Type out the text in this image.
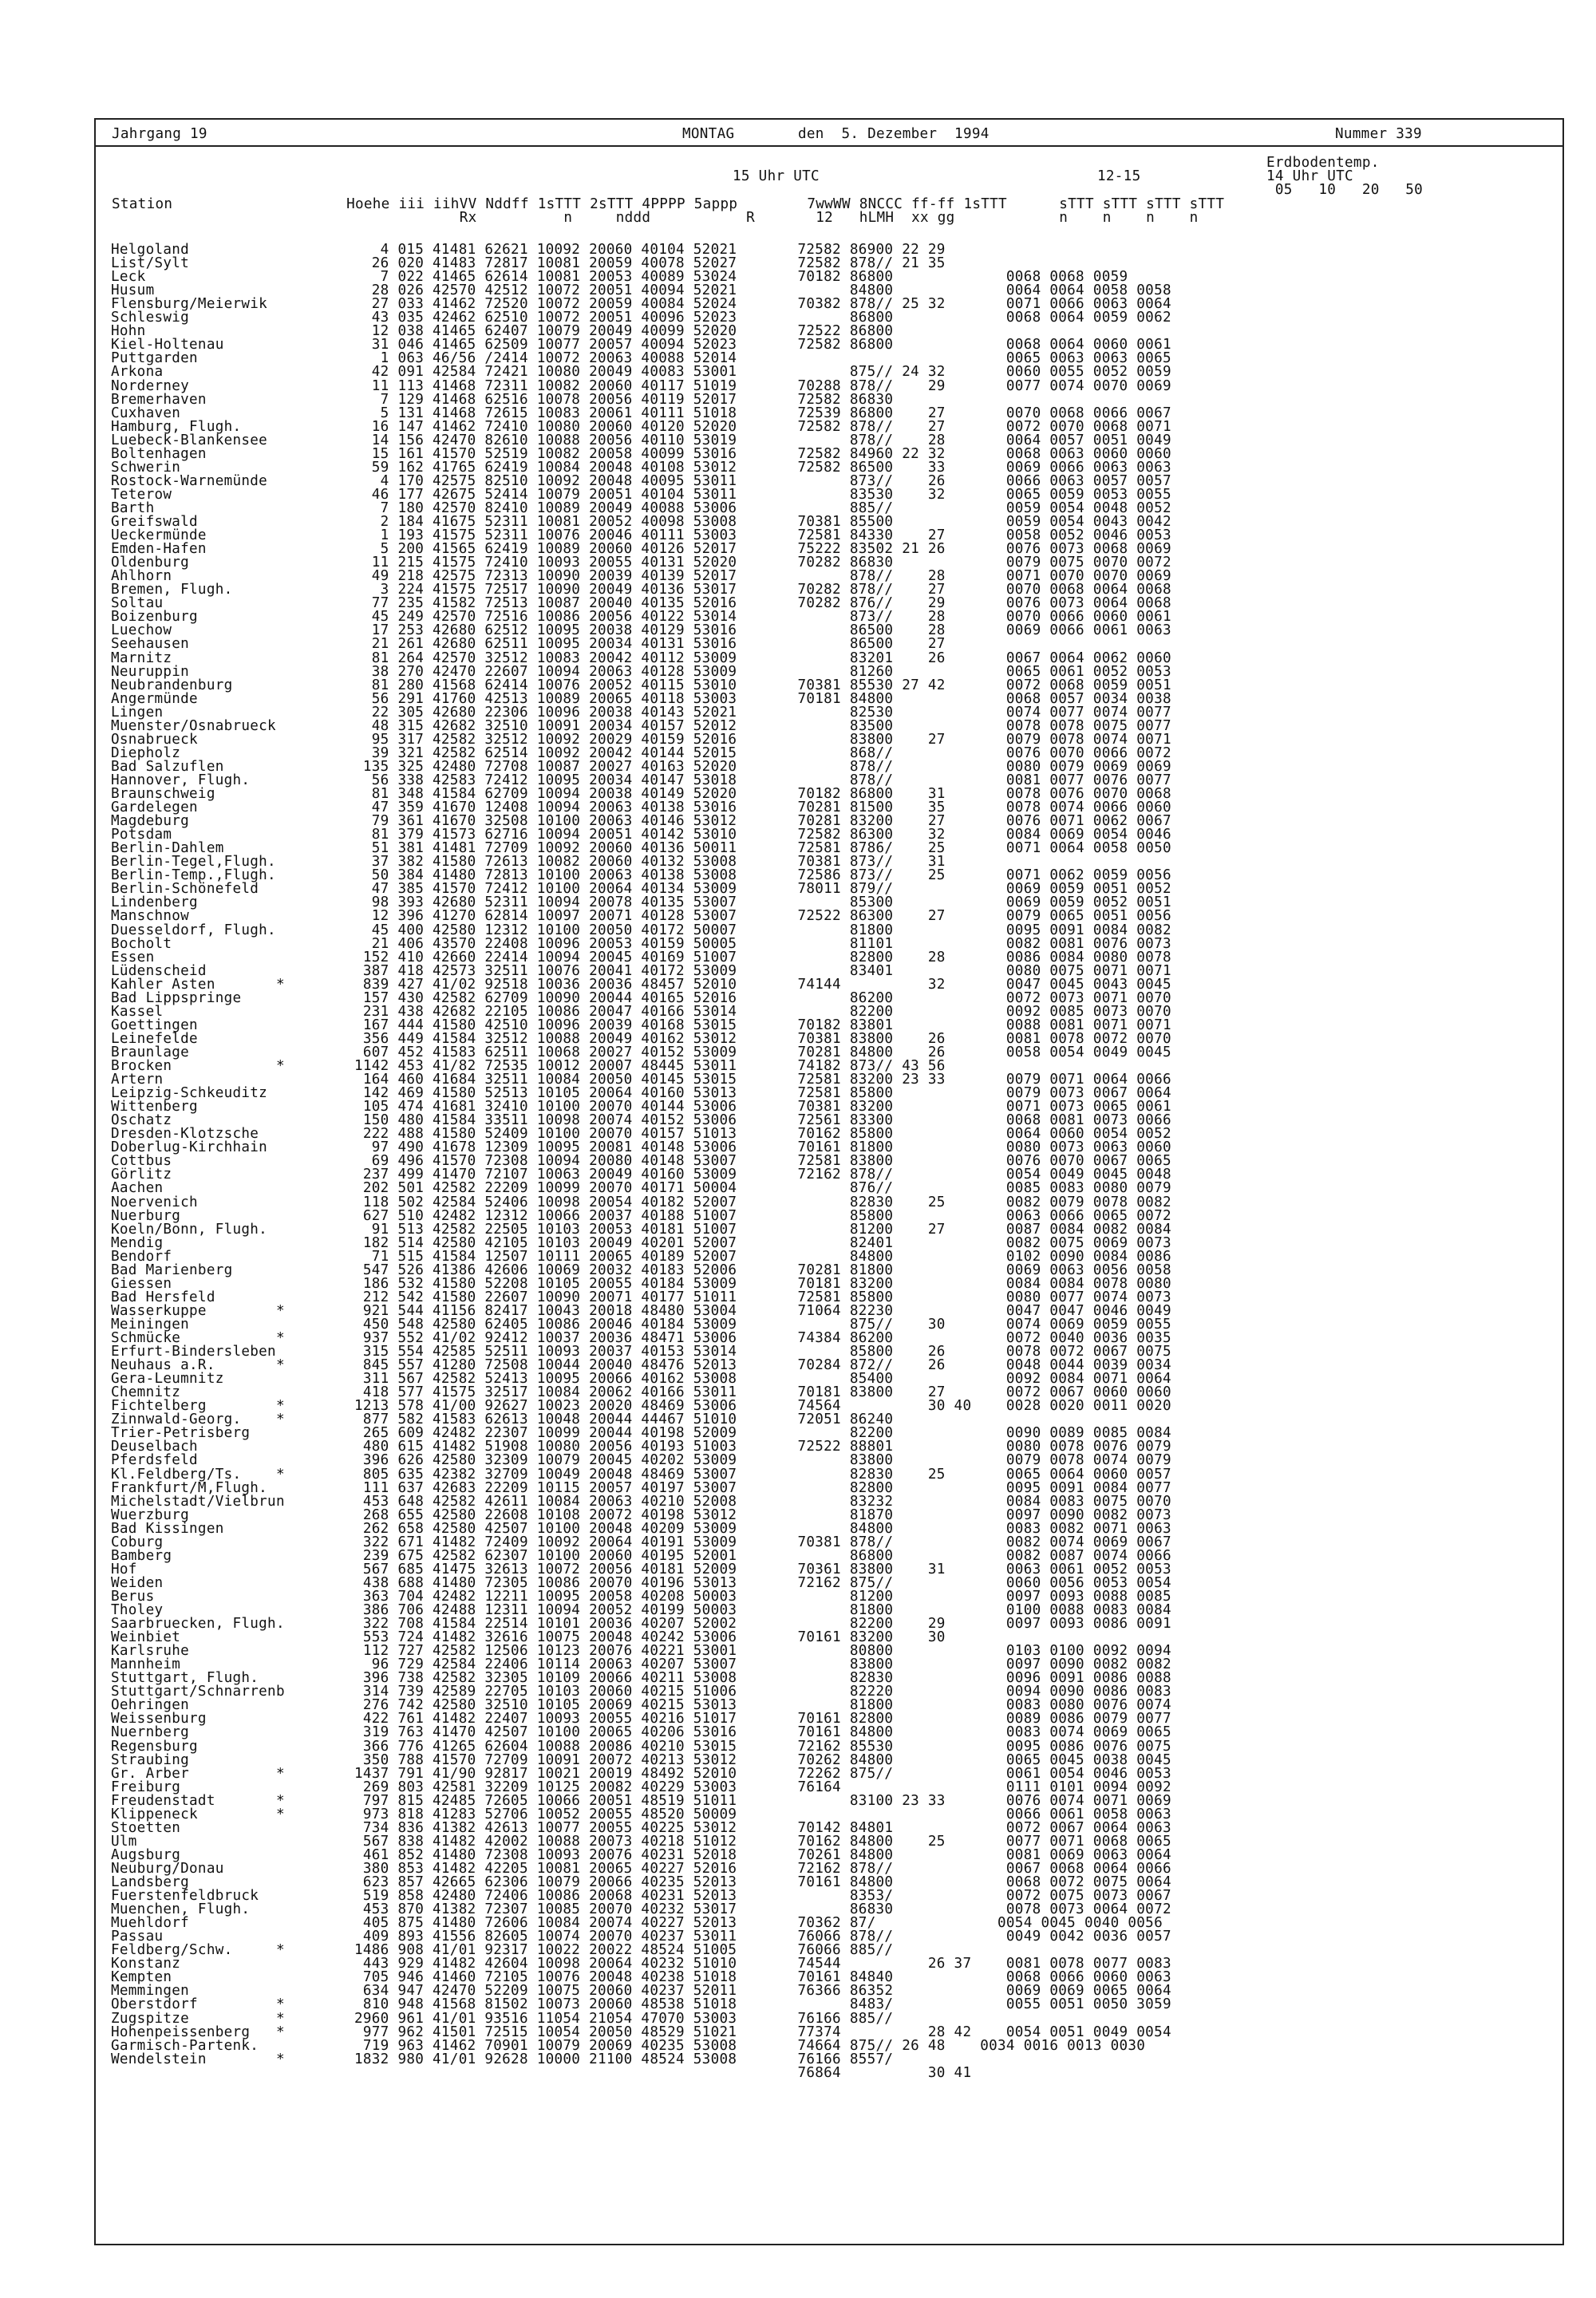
Jahrgang 19	MONTAG	den  5. Dezember  1994	Nummer 339
Erdbodentemp.
14 Uhr UTC
15 Uhr UTC	12-15
05   10   20   50
Station                    Hoehe iii iihVV Nddff 1sTTT 2sTTT 4PPPP 5appp        7wwWW 8NCCC ff-ff 1sTTT      sTTT sTTT sTTT sTTT
Rx          n     nddd           R       12   hLMH  xx gg            n    n    n    n
Helgoland                      4 015 41481 62621 10092 20060 40104 52021       72582 86900 22 29
List/Sylt                     26 020 41483 72817 10081 20059 40078 52027       72582 878// 21 35
Leck                           7 022 41465 62614 10081 20053 40089 53024       70182 86800             0068 0068 0059
Husum                         28 026 42570 42512 10072 20051 40094 52021             84800             0064 0064 0058 0058
Flensburg/Meierwik            27 033 41462 72520 10072 20059 40084 52024       70382 878// 25 32       0071 0066 0063 0064
Schleswig                     43 035 42462 62510 10072 20051 40096 52023             86800             0068 0064 0059 0062
Hohn                          12 038 41465 62407 10079 20049 40099 52020       72522 86800
Kiel-Holtenau                 31 046 41465 62509 10077 20057 40094 52023       72582 86800             0068 0064 0060 0061
Puttgarden                     1 063 46/56 /2414 10072 20063 40088 52014                               0065 0063 0063 0065
Arkona                        42 091 42584 72421 10080 20049 40083 53001             875// 24 32       0060 0055 0052 0059
Norderney                     11 113 41468 72311 10082 20060 40117 51019       70288 878//    29       0077 0074 0070 0069
Bremerhaven                    7 129 41468 62516 10078 20056 40119 52017       72582 86830
Cuxhaven                       5 131 41468 72615 10083 20061 40111 51018       72539 86800    27       0070 0068 0066 0067
Hamburg, Flugh.               16 147 41462 72410 10080 20060 40120 52020       72582 878//    27       0072 0070 0068 0071
Luebeck-Blankensee            14 156 42470 82610 10088 20056 40110 53019             878//    28       0064 0057 0051 0049
Boltenhagen                   15 161 41570 52519 10082 20058 40099 53016       72582 84960 22 32       0068 0063 0060 0060
Schwerin                      59 162 41765 62419 10084 20048 40108 53012       72582 86500    33       0069 0066 0063 0063
Rostock-Warnemünde             4 170 42575 82510 10092 20048 40095 53011             873//    26       0066 0063 0057 0057
Teterow                       46 177 42675 52414 10079 20051 40104 53011             83530    32       0065 0059 0053 0055
Barth                          7 180 42570 82410 10089 20049 40088 53006             885//             0059 0054 0048 0052
Greifswald                     2 184 41675 52311 10081 20052 40098 53008       70381 85500             0059 0054 0043 0042
Ueckermünde                    1 193 41575 52311 10076 20046 40111 53003       72581 84330    27       0058 0052 0046 0053
Emden-Hafen                    5 200 41565 62419 10089 20060 40126 52017       75222 83502 21 26       0076 0073 0068 0069
Oldenburg                     11 215 41575 72410 10093 20055 40131 52020       70282 86830             0079 0075 0070 0072
Ahlhorn                       49 218 42575 72313 10090 20039 40139 52017             878//    28       0071 0070 0070 0069
Bremen, Flugh.                 3 224 41575 72517 10090 20049 40136 53017       70282 878//    27       0070 0068 0064 0068
Soltau                        77 235 41582 72513 10087 20040 40135 52016       70282 876//    29       0076 0073 0064 0068
Boizenburg                    45 249 42570 72516 10086 20056 40122 53014             873//    28       0070 0066 0060 0061
Luechow                       17 253 42680 62512 10095 20038 40129 53016             86500    28       0069 0066 0061 0063
Seehausen                     21 261 42680 62511 10095 20034 40131 53016             86500    27
Marnitz                       81 264 42570 32512 10083 20042 40112 53009             83201    26       0067 0064 0062 0060
Neuruppin                     38 270 42470 22607 10094 20063 40128 53009             81260             0065 0061 0052 0053
Neubrandenburg                81 280 41568 62414 10076 20052 40115 53010       70381 85530 27 42       0072 0068 0059 0051
Angermünde                    56 291 41760 42513 10089 20065 40118 53003       70181 84800             0068 0057 0034 0038
Lingen                        22 305 42680 22306 10096 20038 40143 52021             82530             0074 0077 0074 0077
Muenster/Osnabrueck           48 315 42682 32510 10091 20034 40157 52012             83500             0078 0078 0075 0077
Osnabrueck                    95 317 42582 32512 10092 20029 40159 52016             83800    27       0079 0078 0074 0071
Diepholz                      39 321 42582 62514 10092 20042 40144 52015             868//             0076 0070 0066 0072
Bad Salzuflen                135 325 42480 72708 10087 20027 40163 52020             878//             0080 0079 0069 0069
Hannover, Flugh.              56 338 42583 72412 10095 20034 40147 53018             878//             0081 0077 0076 0077
Braunschweig                  81 348 41584 62709 10094 20038 40149 52020       70182 86800    31       0078 0076 0070 0068
Gardelegen                    47 359 41670 12408 10094 20063 40138 53016       70281 81500    35       0078 0074 0066 0060
Magdeburg                     79 361 41670 32508 10100 20063 40146 53012       70281 83200    27       0076 0071 0062 0067
Potsdam                       81 379 41573 62716 10094 20051 40142 53010       72582 86300    32       0084 0069 0054 0046
Berlin-Dahlem                 51 381 41481 72709 10092 20060 40136 50011       72581 8786/    25       0071 0064 0058 0050
Berlin-Tegel,Flugh.           37 382 41580 72613 10082 20060 40132 53008       70381 873//    31
Berlin-Temp.,Flugh.           50 384 41480 72813 10100 20063 40138 53008       72586 873//    25       0071 0062 0059 0056
Berlin-Schönefeld             47 385 41570 72412 10100 20064 40134 53009       78011 879//             0069 0059 0051 0052
Lindenberg                    98 393 42680 52311 10094 20078 40135 53007             85300             0069 0059 0052 0051
Manschnow                     12 396 41270 62814 10097 20071 40128 53007       72522 86300    27       0079 0065 0051 0056
Duesseldorf, Flugh.           45 400 42580 12312 10100 20050 40172 50007             81800             0095 0091 0084 0082
Bocholt                       21 406 43570 22408 10096 20053 40159 50005             81101             0082 0081 0076 0073
Essen                        152 410 42660 22414 10094 20045 40169 51007             82800    28       0086 0084 0080 0078
Lüdenscheid                  387 418 42573 32511 10076 20041 40172 53009             83401             0080 0075 0071 0071
Kahler Asten       *         839 427 41/02 92518 10036 20036 48457 52010       74144          32       0047 0045 0043 0045
Bad Lippspringe              157 430 42582 62709 10090 20044 40165 52016             86200             0072 0073 0071 0070
Kassel                       231 438 42682 22105 10086 20047 40166 53014             82200             0092 0085 0073 0070
Goettingen                   167 444 41580 42510 10096 20039 40168 53015       70182 83801             0088 0081 0071 0071
Leinefelde                   356 449 41584 32512 10088 20049 40162 53012       70381 83800    26       0081 0078 0072 0070
Braunlage                    607 452 41583 62511 10068 20027 40152 53009       70281 84800    26       0058 0054 0049 0045
Brocken            *        1142 453 41/82 72535 10012 20007 48445 53011       74182 873// 43 56
Artern                       164 460 41684 32511 10084 20050 40145 53015       72581 83200 23 33       0079 0071 0064 0066
Leipzig-Schkeuditz           142 469 41580 52513 10105 20064 40160 53013       72581 85800             0079 0073 0067 0064
Wittenberg                   105 474 41681 32410 10100 20070 40144 53006       70381 83200             0071 0073 0065 0061
Oschatz                      150 480 41584 33511 10098 20074 40152 53006       72561 83300             0068 0081 0073 0066
Dresden-Klotzsche            222 488 41580 52409 10100 20070 40157 51013       70162 85800             0064 0060 0054 0052
Doberlug-Kirchhain            97 490 41678 12309 10095 20081 40148 53006       70161 81800             0080 0073 0063 0060
Cottbus                       69 496 41570 72308 10094 20080 40148 53007       72581 83800             0076 0070 0067 0065
Görlitz                      237 499 41470 72107 10063 20049 40160 53009       72162 878//             0054 0049 0045 0048
Aachen                       202 501 42582 22209 10099 20070 40171 50004             876//             0085 0083 0080 0079
Noervenich                   118 502 42584 52406 10098 20054 40182 52007             82830    25       0082 0079 0078 0082
Nuerburg                     627 510 42482 12312 10066 20037 40188 51007             85800             0063 0066 0065 0072
Koeln/Bonn, Flugh.            91 513 42582 22505 10103 20053 40181 51007             81200    27       0087 0084 0082 0084
Mendig                       182 514 42580 42105 10103 20049 40201 52007             82401             0082 0075 0069 0073
Bendorf                       71 515 41584 12507 10111 20065 40189 52007             84800             0102 0090 0084 0086
Bad Marienberg               547 526 41386 42606 10069 20032 40183 52006       70281 81800             0069 0063 0056 0058
Giessen                      186 532 41580 52208 10105 20055 40184 53009       70181 83200             0084 0084 0078 0080
Bad Hersfeld                 212 542 41580 22607 10090 20071 40177 51011       72581 85800             0080 0077 0074 0073
Wasserkuppe        *         921 544 41156 82417 10043 20018 48480 53004       71064 82230             0047 0047 0046 0049
Meiningen                    450 548 42580 62405 10086 20046 40184 53009             875//    30       0074 0069 0059 0055
Schmücke           *         937 552 41/02 92412 10037 20036 48471 53006       74384 86200             0072 0040 0036 0035
Erfurt-Bindersleben          315 554 42585 52511 10093 20037 40153 53014             85800    26       0078 0072 0067 0075
Neuhaus a.R.       *         845 557 41280 72508 10044 20040 48476 52013       70284 872//    26       0048 0044 0039 0034
Gera-Leumnitz                311 567 42582 52413 10095 20066 40162 53008             85400             0092 0084 0071 0064
Chemnitz                     418 577 41575 32517 10084 20062 40166 53011       70181 83800    27       0072 0067 0060 0060
Fichtelberg        *        1213 578 41/00 92627 10023 20020 48469 53006       74564          30 40    0028 0020 0011 0020
Zinnwald-Georg.    *         877 582 41583 62613 10048 20044 44467 51010       72051 86240
Trier-Petrisberg             265 609 42482 22307 10099 20044 40198 52009             82200             0090 0089 0085 0084
Deuselbach                   480 615 41482 51908 10080 20056 40193 51003       72522 88801             0080 0078 0076 0079
Pferdsfeld                   396 626 42580 32309 10079 20045 40202 53009             83800             0079 0078 0074 0079
Kl.Feldberg/Ts.    *         805 635 42382 32709 10049 20048 48469 53007             82830    25       0065 0064 0060 0057
Frankfurt/M,Flugh.           111 637 42683 22209 10115 20057 40197 53007             82800             0095 0091 0084 0077
Michelstadt/Vielbrun         453 648 42582 42611 10084 20063 40210 52008             83232             0084 0083 0075 0070
Wuerzburg                    268 655 42580 22608 10108 20072 40198 53012             81870             0097 0090 0082 0073
Bad Kissingen                262 658 42580 42507 10100 20048 40209 53009             84800             0083 0082 0071 0063
Coburg                       322 671 41482 72409 10092 20064 40191 53009       70381 878//             0082 0074 0069 0067
Bamberg                      239 675 42582 62307 10100 20060 40195 52001             86800             0082 0087 0074 0066
Hof                          567 685 41475 32613 10072 20056 40181 52009       70361 83800    31       0063 0061 0052 0053
Weiden                       438 688 41480 72305 10086 20070 40196 53013       72162 875//             0060 0056 0053 0054
Berus                        363 704 42482 12211 10095 20058 40208 50003             81200             0097 0093 0088 0085
Tholey                       386 706 42488 12311 10094 20052 40199 50003             81800             0100 0088 0083 0084
Saarbruecken, Flugh.         322 708 41584 22514 10101 20036 40207 52002             82200    29       0097 0093 0086 0091
Weinbiet                     553 724 41482 32616 10075 20048 40242 53006       70161 83200    30
Karlsruhe                    112 727 42582 12506 10123 20076 40221 53001             80800             0103 0100 0092 0094
Mannheim                      96 729 42584 22406 10114 20063 40207 53007             83800             0097 0090 0082 0082
Stuttgart, Flugh.            396 738 42582 32305 10109 20066 40211 53008             82830             0096 0091 0086 0088
Stuttgart/Schnarrenb         314 739 42589 22705 10103 20060 40215 51006             82220             0094 0090 0086 0083
Oehringen                    276 742 42580 32510 10105 20069 40215 53013             81800             0083 0080 0076 0074
Weissenburg                  422 761 41482 22407 10093 20055 40216 51017       70161 82800             0089 0086 0079 0077
Nuernberg                    319 763 41470 42507 10100 20065 40206 53016       70161 84800             0083 0074 0069 0065
Regensburg                   366 776 41265 62604 10088 20086 40210 53015       72162 85530             0095 0086 0076 0075
Straubing                    350 788 41570 72709 10091 20072 40213 53012       70262 84800             0065 0045 0038 0045
Gr. Arber          *        1437 791 41/90 92817 10021 20019 48492 52010       72262 875//             0061 0054 0046 0053
Freiburg                     269 803 42581 32209 10125 20082 40229 53003       76164                   0111 0101 0094 0092
Freudenstadt       *         797 815 42485 72605 10066 20051 48519 51011             83100 23 33       0076 0074 0071 0069
Klippeneck         *         973 818 41283 52706 10052 20055 48520 50009                               0066 0061 0058 0063
Stoetten                     734 836 41382 42613 10077 20055 40225 53012       70142 84801             0072 0067 0064 0063
Ulm                          567 838 41482 42002 10088 20073 40218 51012       70162 84800    25       0077 0071 0068 0065
Augsburg                     461 852 41480 72308 10093 20076 40231 52018       70261 84800             0081 0069 0063 0064
Neuburg/Donau                380 853 41482 42205 10081 20065 40227 52016       72162 878//             0067 0068 0064 0066
Landsberg                    623 857 42665 62306 10079 20066 40235 52013       70161 84800             0068 0072 0075 0064
Fuerstenfeldbruck            519 858 42480 72406 10086 20068 40231 52013             8353/             0072 0075 0073 0067
Muenchen, Flugh.             453 870 41382 72307 10085 20070 40232 53017             86830             0078 0073 0064 0072
Muehldorf                    405 875 41480 72606 10084 20074 40227 52013       70362 87/              0054 0045 0040 0056
Passau                       409 893 41556 82605 10074 20070 40237 53011       76066 878//             0049 0042 0036 0057
Feldberg/Schw.     *        1486 908 41/01 92317 10022 20022 48524 51005       76066 885//
Konstanz                     443 929 41482 42604 10098 20064 40232 51010       74544          26 37    0081 0078 0077 0083
Kempten                      705 946 41460 72105 10076 20048 40238 51018       70161 84840             0068 0066 0060 0063
Memmingen                    634 947 42470 52209 10075 20060 40237 52011       76366 86352             0069 0069 0065 0064
Oberstdorf         *         810 948 41568 81502 10073 20060 48538 51018             8483/             0055 0051 0050 3059
Zugspitze          *        2960 961 41/01 93516 11054 21054 47070 53003       76166 885//
Hohenpeissenberg   *         977 962 41501 72515 10054 20050 48529 51021       77374          28 42    0054 0051 0049 0054
Garmisch-Partenk.            719 963 41462 70901 10079 20069 40235 53008       74664 875// 26 48    0034 0016 0013 0030
Wendelstein        *        1832 980 41/01 92628 10000 21100 48524 53008       76166 8557/
76864          30 41
